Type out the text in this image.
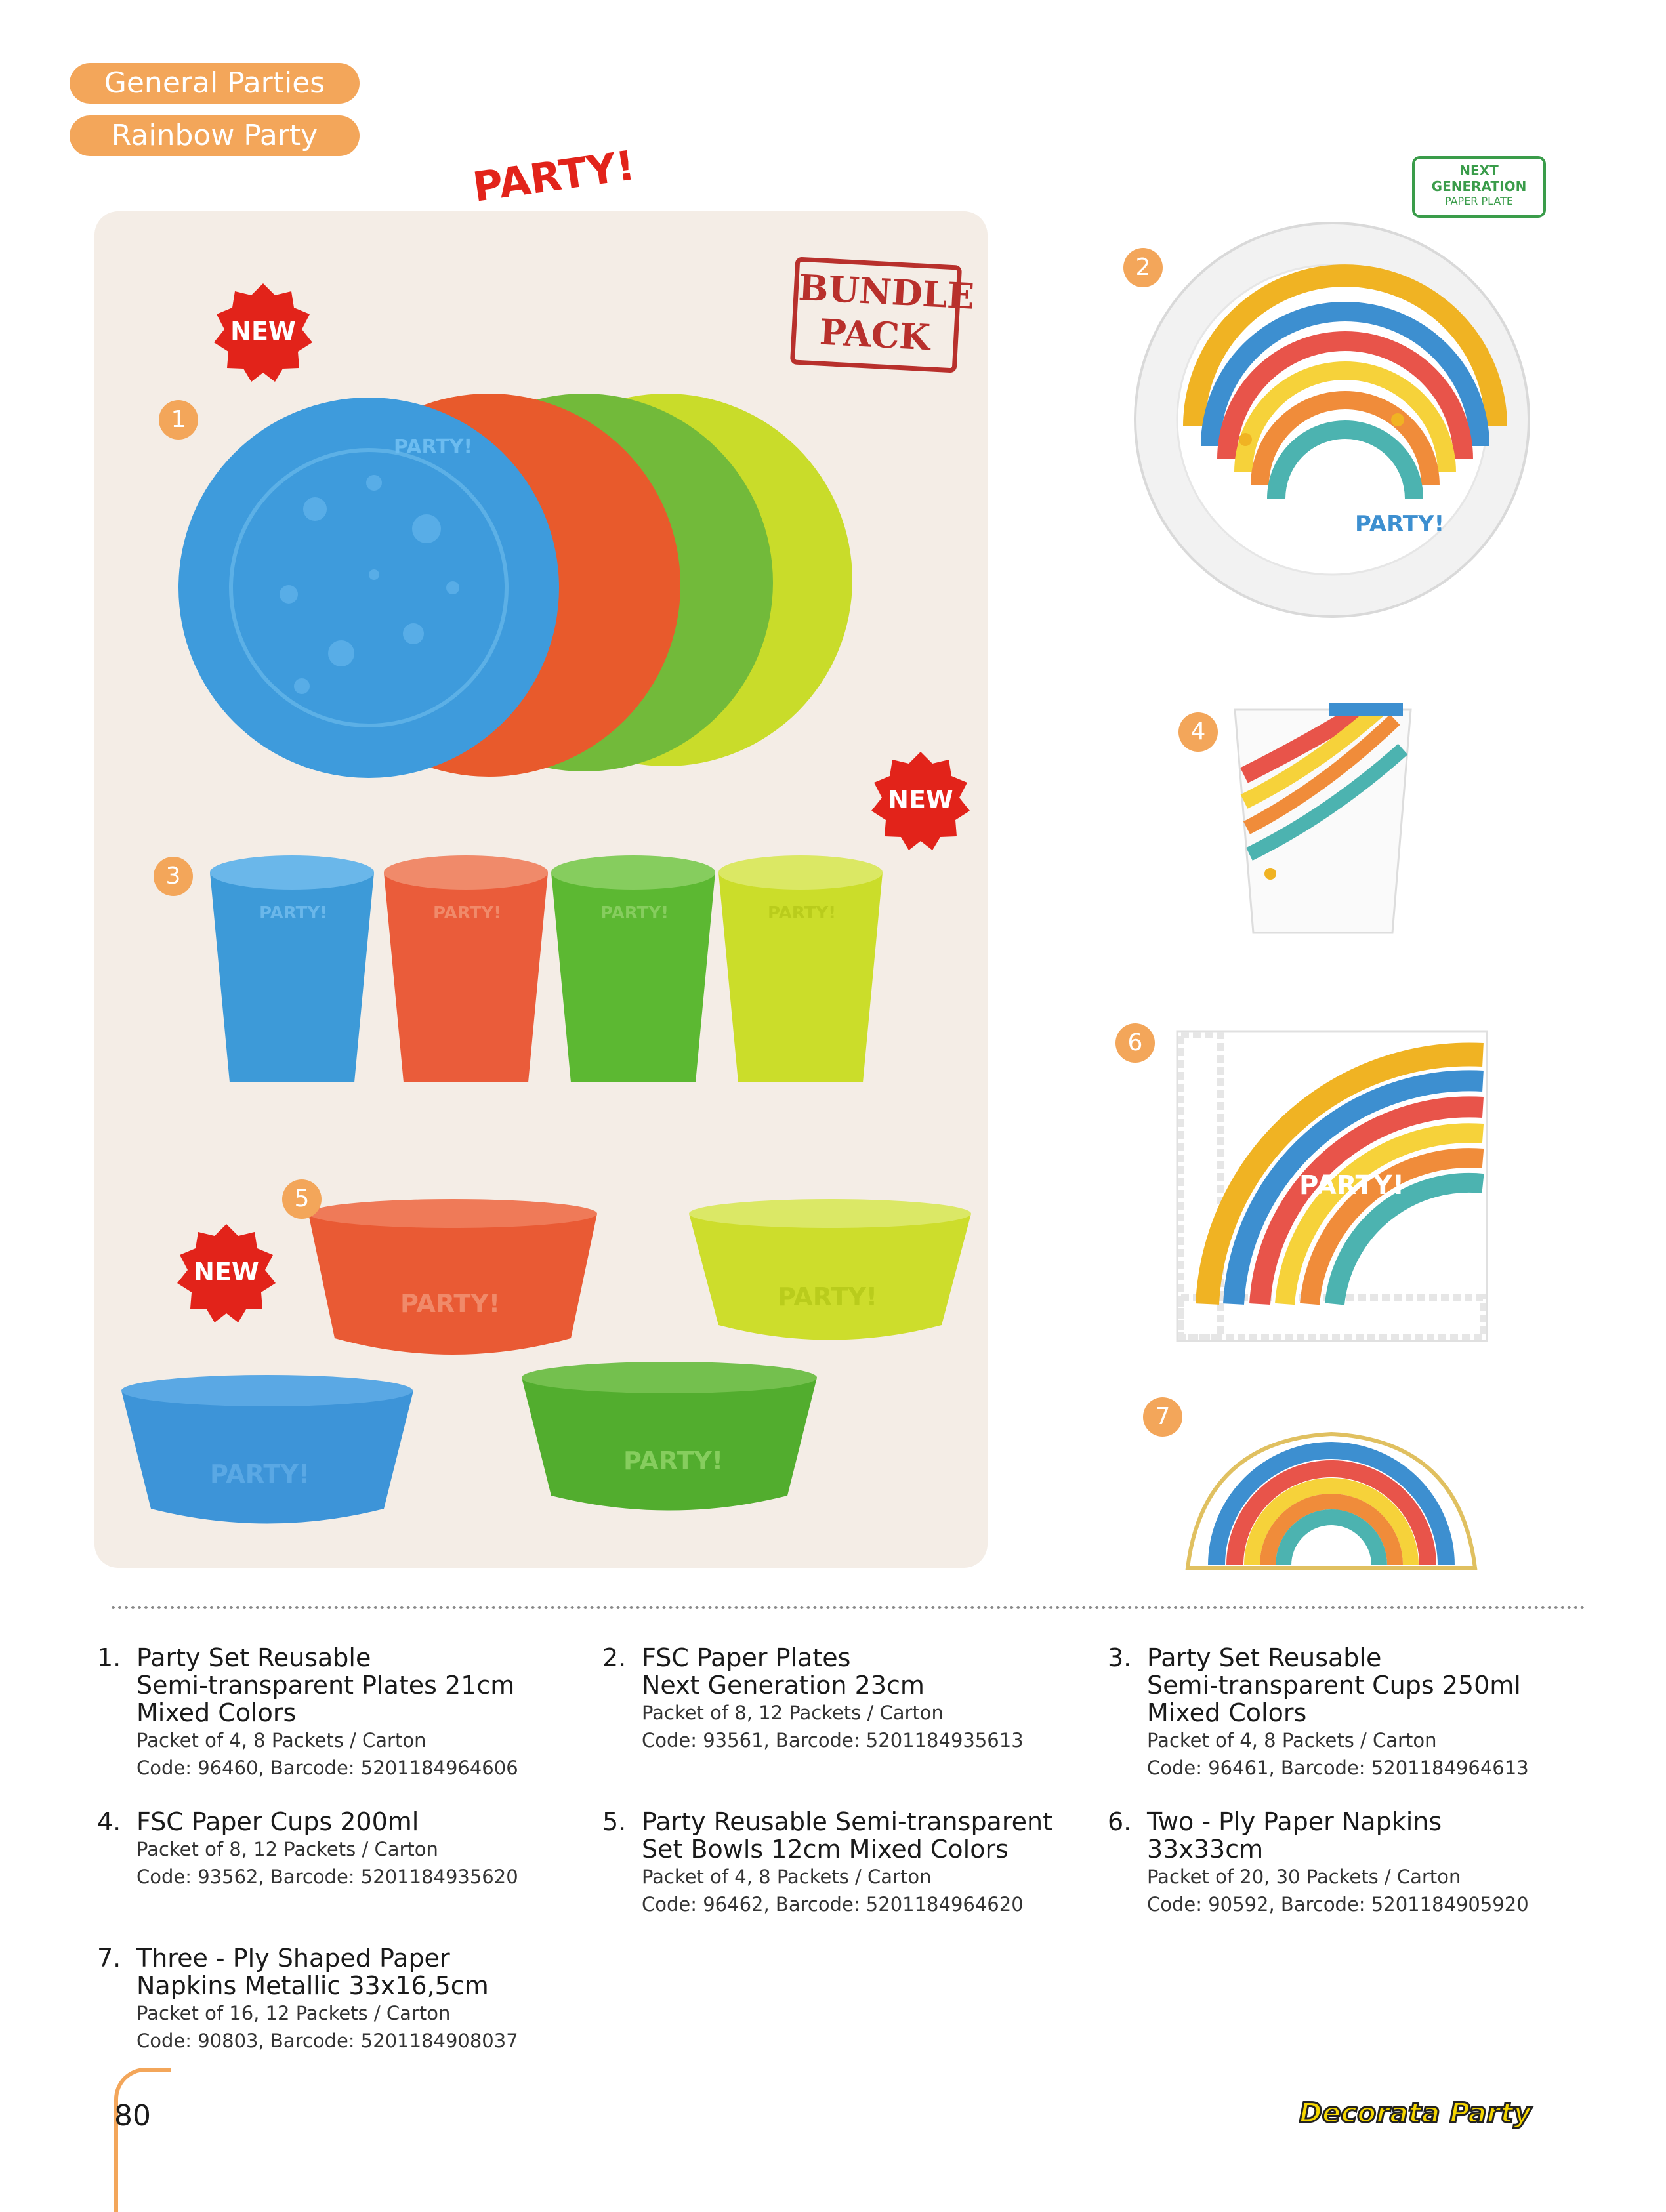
General Parties
Rainbow Party
PARTY!	NEXT
GENERATION
PAPER PLATE
BUNDLE
PACK
NEW
NEW
NEW
PARTY!
PARTY!	PARTY!	PARTY!	PARTY!
PARTY!	PARTY!
PARTY!	PARTY!
PARTY!
PARTY!
1
2
3
4
5
6
7
1. Party Set Reusable
Semi-transparent Plates 21cm
Mixed Colors
Packet of 4, 8 Packets / Carton
Code: 96460, Barcode: 5201184964606
2. FSC Paper Plates
Next Generation 23cm
Packet of 8, 12 Packets / Carton
Code: 93561, Barcode: 5201184935613
3. Party Set Reusable
Semi-transparent Cups 250ml
Mixed Colors
Packet of 4, 8 Packets / Carton
Code: 96461, Barcode: 5201184964613
4. FSC Paper Cups 200ml
Packet of 8, 12 Packets / Carton
Code: 93562, Barcode: 5201184935620
5. Party Reusable Semi-transparent
Set Bowls 12cm Mixed Colors
Packet of 4, 8 Packets / Carton
Code: 96462, Barcode: 5201184964620
6. Two - Ply Paper Napkins
33x33cm
Packet of 20, 30 Packets / Carton
Code: 90592, Barcode: 5201184905920
7. Three - Ply Shaped Paper
Napkins Metallic 33x16,5cm
Packet of 16, 12 Packets / Carton
Code: 90803, Barcode: 5201184908037
80	Decorata Party
